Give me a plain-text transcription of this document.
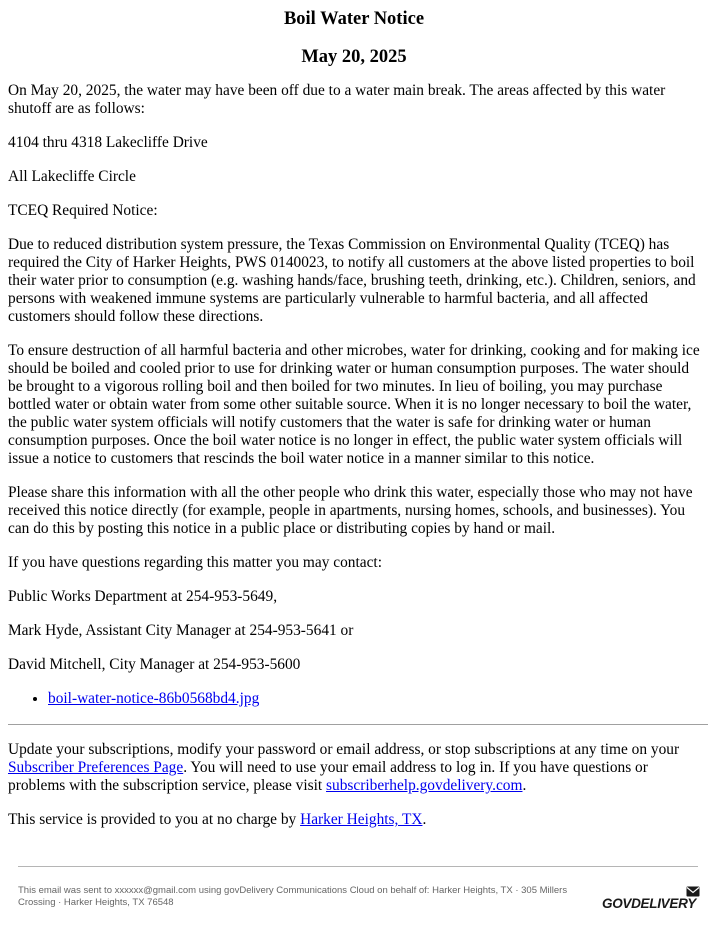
Boil Water Notice
May 20, 2025

On May 20, 2025, the water may have been off due to a water main break. The areas affected by this water shutoff are as follows:

4104 thru 4318 Lakecliffe Drive

All Lakecliffe Circle

TCEQ Required Notice:

Due to reduced distribution system pressure, the Texas Commission on Environmental Quality (TCEQ) has required the City of Harker Heights, PWS 0140023, to notify all customers at the above listed properties to boil their water prior to consumption (e.g. washing hands/face, brushing teeth, drinking, etc.). Children, seniors, and persons with weakened immune systems are particularly vulnerable to harmful bacteria, and all affected customers should follow these directions.

To ensure destruction of all harmful bacteria and other microbes, water for drinking, cooking and for making ice should be boiled and cooled prior to use for drinking water or human consumption purposes. The water should be brought to a vigorous rolling boil and then boiled for two minutes. In lieu of boiling, you may purchase bottled water or obtain water from some other suitable source. When it is no longer necessary to boil the water, the public water system officials will notify customers that the water is safe for drinking water or human consumption purposes. Once the boil water notice is no longer in effect, the public water system officials will issue a notice to customers that rescinds the boil water notice in a manner similar to this notice.

Please share this information with all the other people who drink this water, especially those who may not have received this notice directly (for example, people in apartments, nursing homes, schools, and businesses). You can do this by posting this notice in a public place or distributing copies by hand or mail.

If you have questions regarding this matter you may contact:

Public Works Department at 254-953-5649,

Mark Hyde, Assistant City Manager at 254-953-5641 or

David Mitchell, City Manager at 254-953-5600

• boil-water-notice-86b0568bd4.jpg

Update your subscriptions, modify your password or email address, or stop subscriptions at any time on your Subscriber Preferences Page. You will need to use your email address to log in. If you have questions or problems with the subscription service, please visit subscriberhelp.govdelivery.com.

This service is provided to you at no charge by Harker Heights, TX.

This email was sent to xxxxxx@gmail.com using govDelivery Communications Cloud on behalf of: Harker Heights, TX · 305 Millers Crossing · Harker Heights, TX 76548	GOVDELIVERY
